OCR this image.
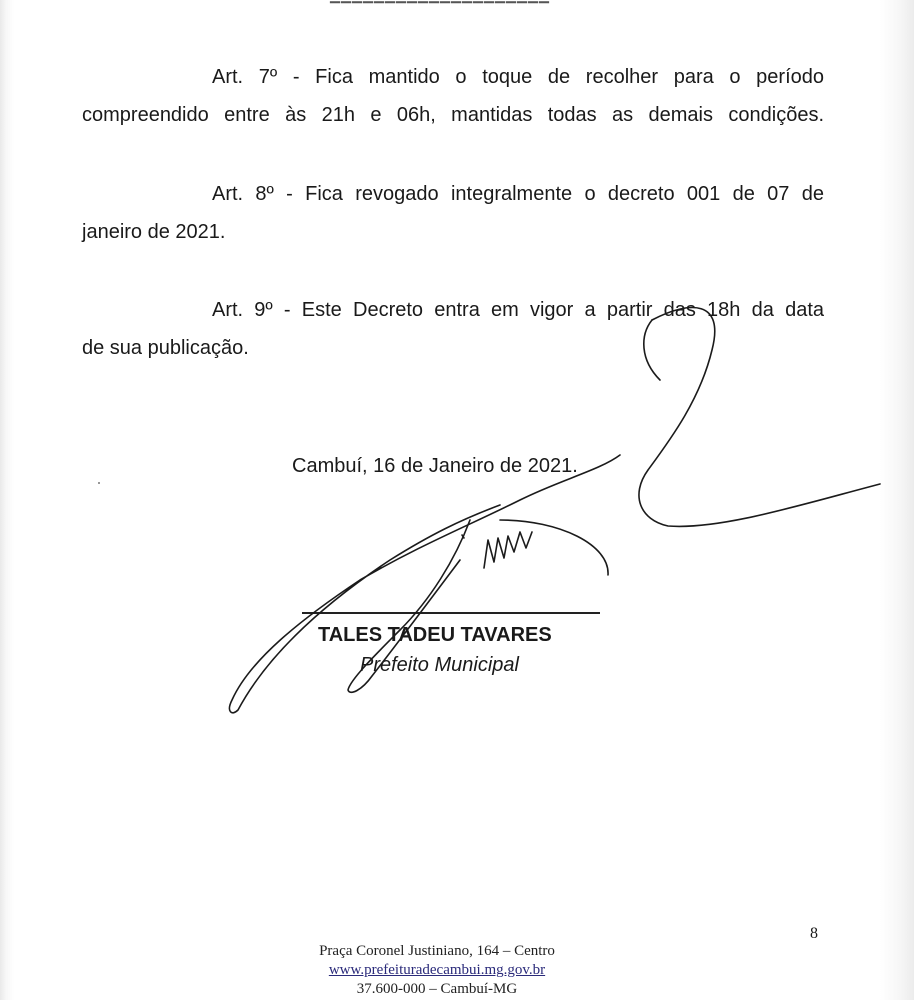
Art. 7º - Fica mantido o toque de recolher para o período
compreendido entre às 21h e 06h, mantidas todas as demais condições.
Art. 8º - Fica revogado integralmente o decreto 001 de 07 de
janeiro de 2021.
Art. 9º - Este Decreto entra em vigor a partir das 18h da data
de sua publicação.
Cambuí, 16 de Janeiro de 2021.
TALES TADEU TAVARES
Prefeito Municipal
8
Praça Coronel Justiniano, 164 – Centro
www.prefeituradecambui.mg.gov.br
37.600-000 – Cambuí-MG
